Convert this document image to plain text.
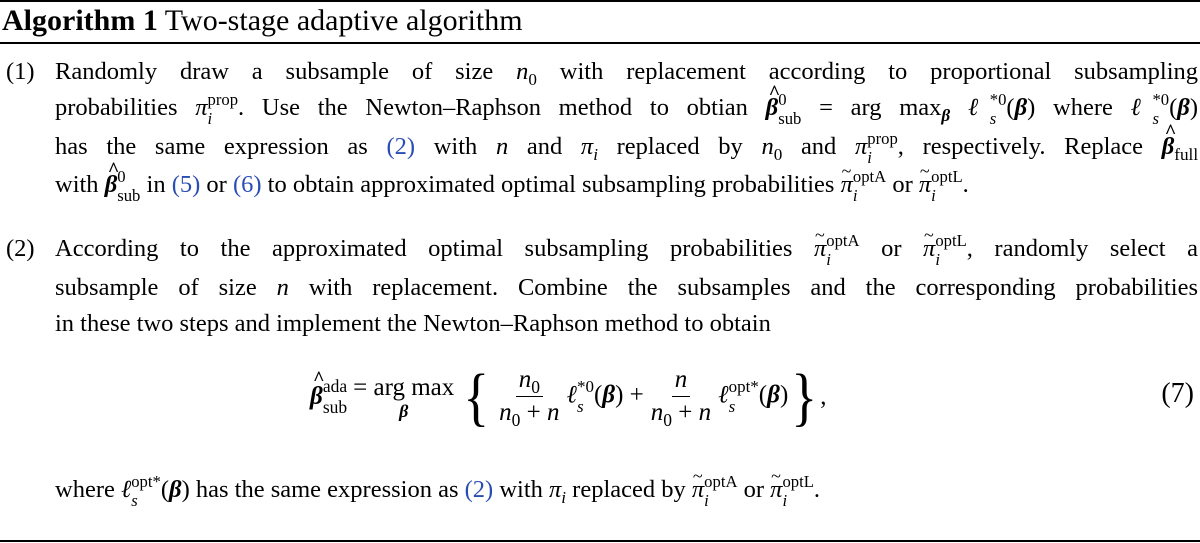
Algorithm 1 Two-stage adaptive algorithm
(1) Randomly draw a subsample of size $n_0$ with replacement according to proportional subsampling
probabilities π prop
i	. Use the Newton–Raphson method to obtian ^ β 0
sub = arg $\max_\beta$ ℓ *0
s (β) where ℓ *0
s (β)
has the same expression as (2) with n and $\pi_i$ replaced by $n_0$ and π prop
i	, respectively. Replace ^ $\beta_{full}$
with ^ β 0
sub in (5) or (6) to obtain approximated optimal subsampling probabilities ~ π optA
i	or ~ π optL
i	.
(2) According to the approximated optimal subsampling probabilities ~ π optA
i	or ~ π optL
i	, randomly select a
subsample of size n with replacement. Combine the subsamples and the corresponding probabilities
in these two steps and implement the Newton–Raphson method to obtain
^ β ada
sub
= arg max
β { $\frac{n_0}{n_0 + n}$ ℓ *0
s $(\beta) + \frac{n}{n_0 + n}$ ℓ opt*
s (β) } ,	(7)
where ℓ opt*
s (β) has the same expression as (2) with $\pi_i$ replaced by ~ π optA
i	or ~ π optL
i	.
